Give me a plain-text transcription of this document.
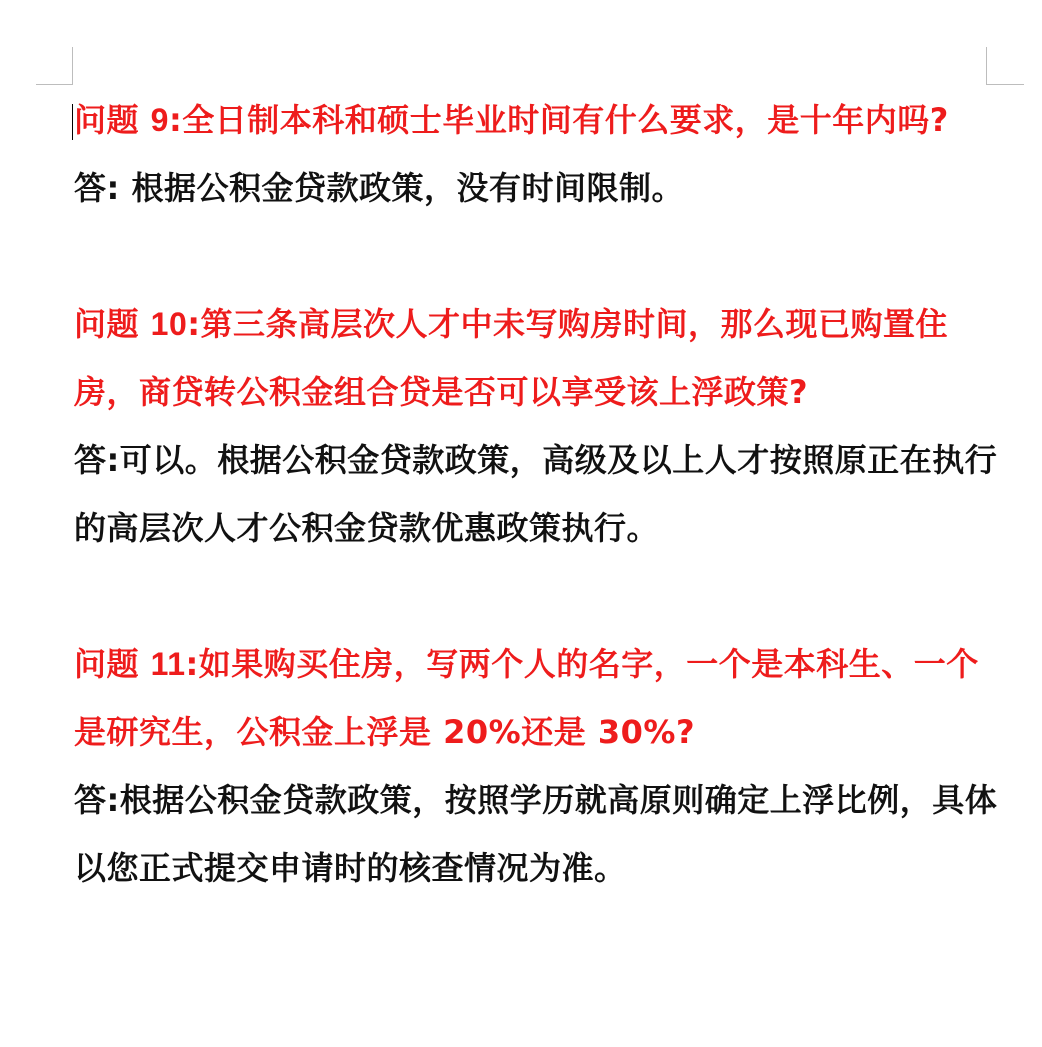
问题 9:全日制本科和硕士毕业时间有什么要求，是十年内吗?

答: 根据公积金贷款政策，没有时间限制。

问题 10:第三条高层次人才中未写购房时间，那么现已购置住房，商贷转公积金组合贷是否可以享受该上浮政策?

答:可以。根据公积金贷款政策，高级及以上人才按照原正在执行的高层次人才公积金贷款优惠政策执行。

问题 11:如果购买住房，写两个人的名字，一个是本科生、一个是研究生，公积金上浮是 20%还是 30%?

答:根据公积金贷款政策，按照学历就高原则确定上浮比例，具体以您正式提交申请时的核查情况为准。
